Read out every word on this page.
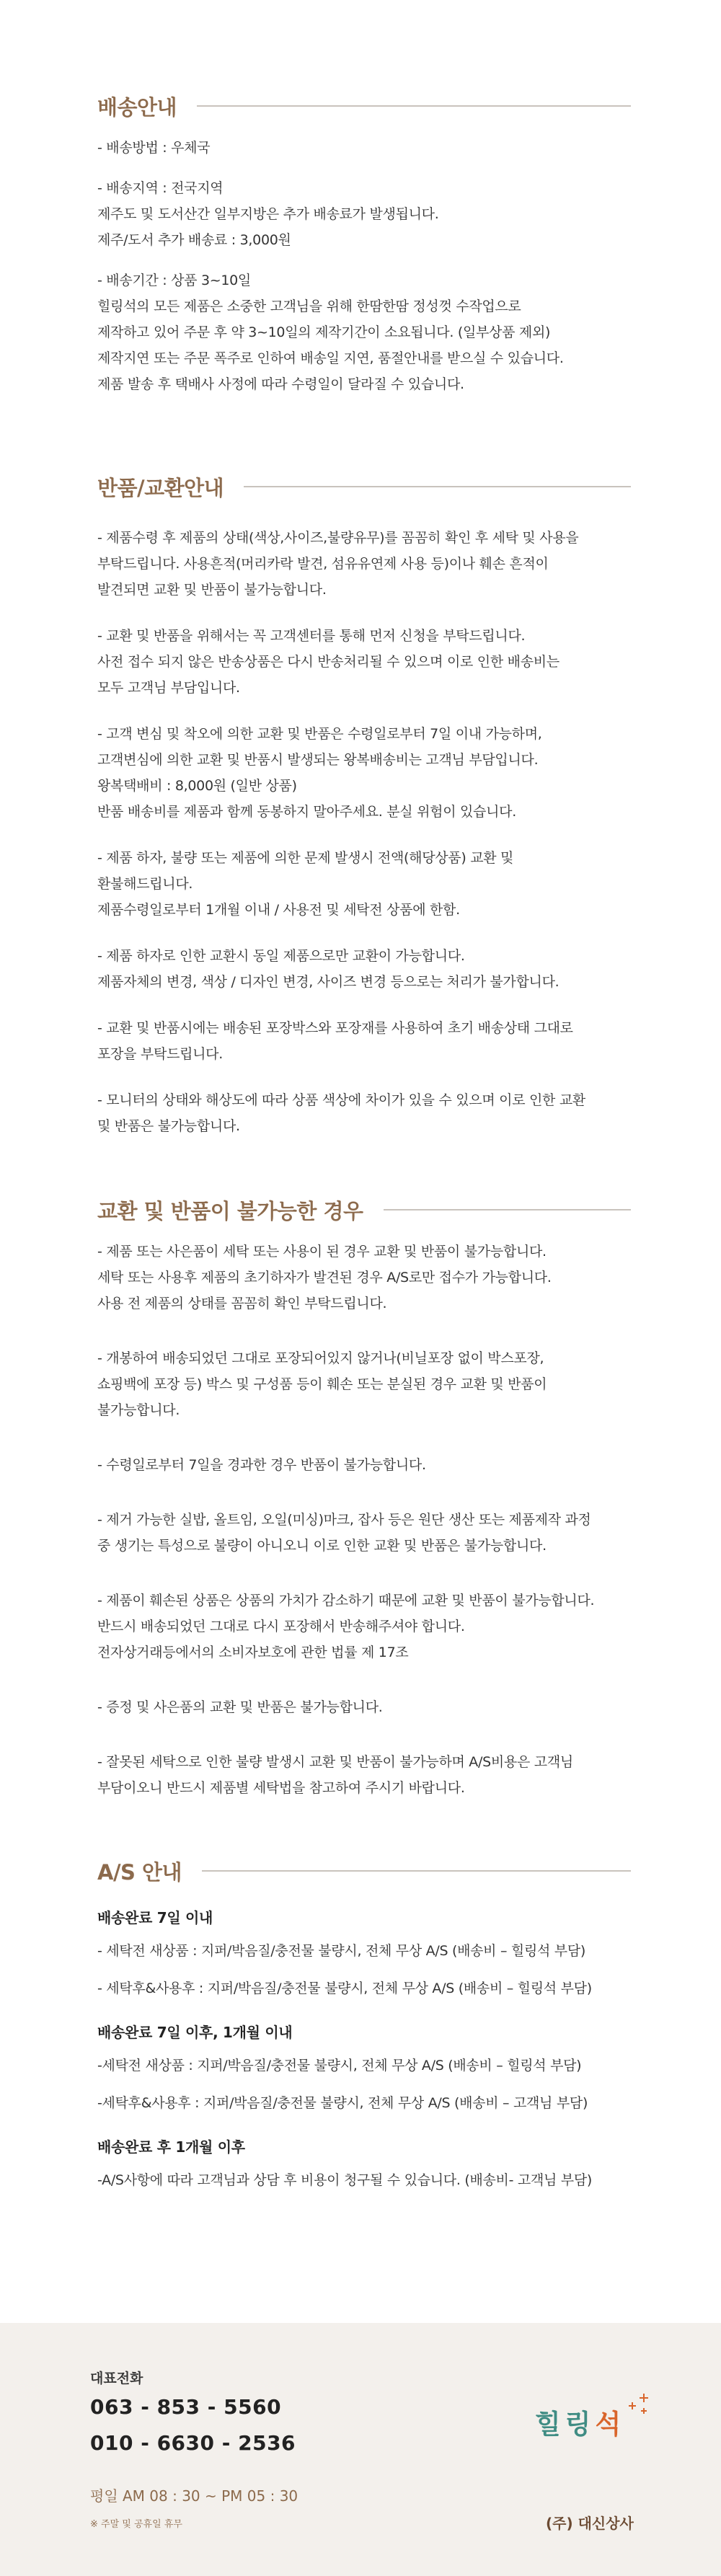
배송안내

- 배송방법 : 우체국

- 배송지역 : 전국지역

제주도 및 도서산간 일부지방은 추가 배송료가 발생됩니다.

제주/도서 추가 배송료 : 3,000원

- 배송기간 : 상품 3~10일

힐링석의 모든 제품은 소중한 고객님을 위해 한땀한땀 정성껏 수작업으로

제작하고 있어 주문 후 약 3~10일의 제작기간이 소요됩니다. (일부상품 제외)

제작지연 또는 주문 폭주로 인하여 배송일 지연, 품절안내를 받으실 수 있습니다.

제품 발송 후 택배사 사정에 따라 수령일이 달라질 수 있습니다.

반품/교환안내

- 제품수령 후 제품의 상태(색상,사이즈,불량유무)를 꼼꼼히 확인 후 세탁 및 사용을

부탁드립니다. 사용흔적(머리카락 발견, 섬유유연제 사용 등)이나 훼손 흔적이

발견되면 교환 및 반품이 불가능합니다.

- 교환 및 반품을 위해서는 꼭 고객센터를 통해 먼저 신청을 부탁드립니다.

사전 접수 되지 않은 반송상품은 다시 반송처리될 수 있으며 이로 인한 배송비는

모두 고객님 부담입니다.

- 고객 변심 및 착오에 의한 교환 및 반품은 수령일로부터 7일 이내 가능하며,

고객변심에 의한 교환 및 반품시 발생되는 왕복배송비는 고객님 부담입니다.

왕복택배비 : 8,000원 (일반 상품)

반품 배송비를 제품과 함께 동봉하지 말아주세요. 분실 위험이 있습니다.

- 제품 하자, 불량 또는 제품에 의한 문제 발생시 전액(해당상품) 교환 및

환불해드립니다.

제품수령일로부터 1개월 이내 / 사용전 및 세탁전 상품에 한함.

- 제품 하자로 인한 교환시 동일 제품으로만 교환이 가능합니다.

제품자체의 변경, 색상 / 디자인 변경, 사이즈 변경 등으로는 처리가 불가합니다.

- 교환 및 반품시에는 배송된 포장박스와 포장재를 사용하여 초기 배송상태 그대로

포장을 부탁드립니다.

- 모니터의 상태와 해상도에 따라 상품 색상에 차이가 있을 수 있으며 이로 인한 교환

및 반품은 불가능합니다.

교환 및 반품이 불가능한 경우

- 제품 또는 사은품이 세탁 또는 사용이 된 경우 교환 및 반품이 불가능합니다.

세탁 또는 사용후 제품의 초기하자가 발견된 경우 A/S로만 접수가 가능합니다.

사용 전 제품의 상태를 꼼꼼히 확인 부탁드립니다.

- 개봉하여 배송되었던 그대로 포장되어있지 않거나(비닐포장 없이 박스포장,

쇼핑백에 포장 등) 박스 및 구성품 등이 훼손 또는 분실된 경우 교환 및 반품이

불가능합니다.

- 수령일로부터 7일을 경과한 경우 반품이 불가능합니다.

- 제거 가능한 실밥, 올트임, 오일(미싱)마크, 잡사 등은 원단 생산 또는 제품제작 과정

중 생기는 특성으로 불량이 아니오니 이로 인한 교환 및 반품은 불가능합니다.

- 제품이 훼손된 상품은 상품의 가치가 감소하기 때문에 교환 및 반품이 불가능합니다.

반드시 배송되었던 그대로 다시 포장해서 반송해주셔야 합니다.

전자상거래등에서의 소비자보호에 관한 법률 제 17조

- 증정 및 사은품의 교환 및 반품은 불가능합니다.

- 잘못된 세탁으로 인한 불량 발생시 교환 및 반품이 불가능하며 A/S비용은 고객님

부담이오니 반드시 제품별 세탁법을 참고하여 주시기 바랍니다.

A/S 안내
배송완료 7일 이내

- 세탁전 새상품 : 지퍼/박음질/충전물 불량시, 전체 무상 A/S (배송비 – 힐링석 부담)

- 세탁후&사용후 : 지퍼/박음질/충전물 불량시, 전체 무상 A/S (배송비 – 힐링석 부담)

배송완료 7일 이후, 1개월 이내

-세탁전 새상품 : 지퍼/박음질/충전물 불량시, 전체 무상 A/S (배송비 – 힐링석 부담)

-세탁후&사용후 : 지퍼/박음질/충전물 불량시, 전체 무상 A/S (배송비 – 고객님 부담)

배송완료 후 1개월 이후

-A/S사항에 따라 고객님과 상담 후 비용이 청구될 수 있습니다. (배송비- 고객님 부담)

대표전화
063 - 853 - 5560
010 - 6630 - 2536
평일 AM 08 : 30 ~ PM 05 : 30
※ 주말 및 공휴일 휴무
힐링석
(주) 대신상사
